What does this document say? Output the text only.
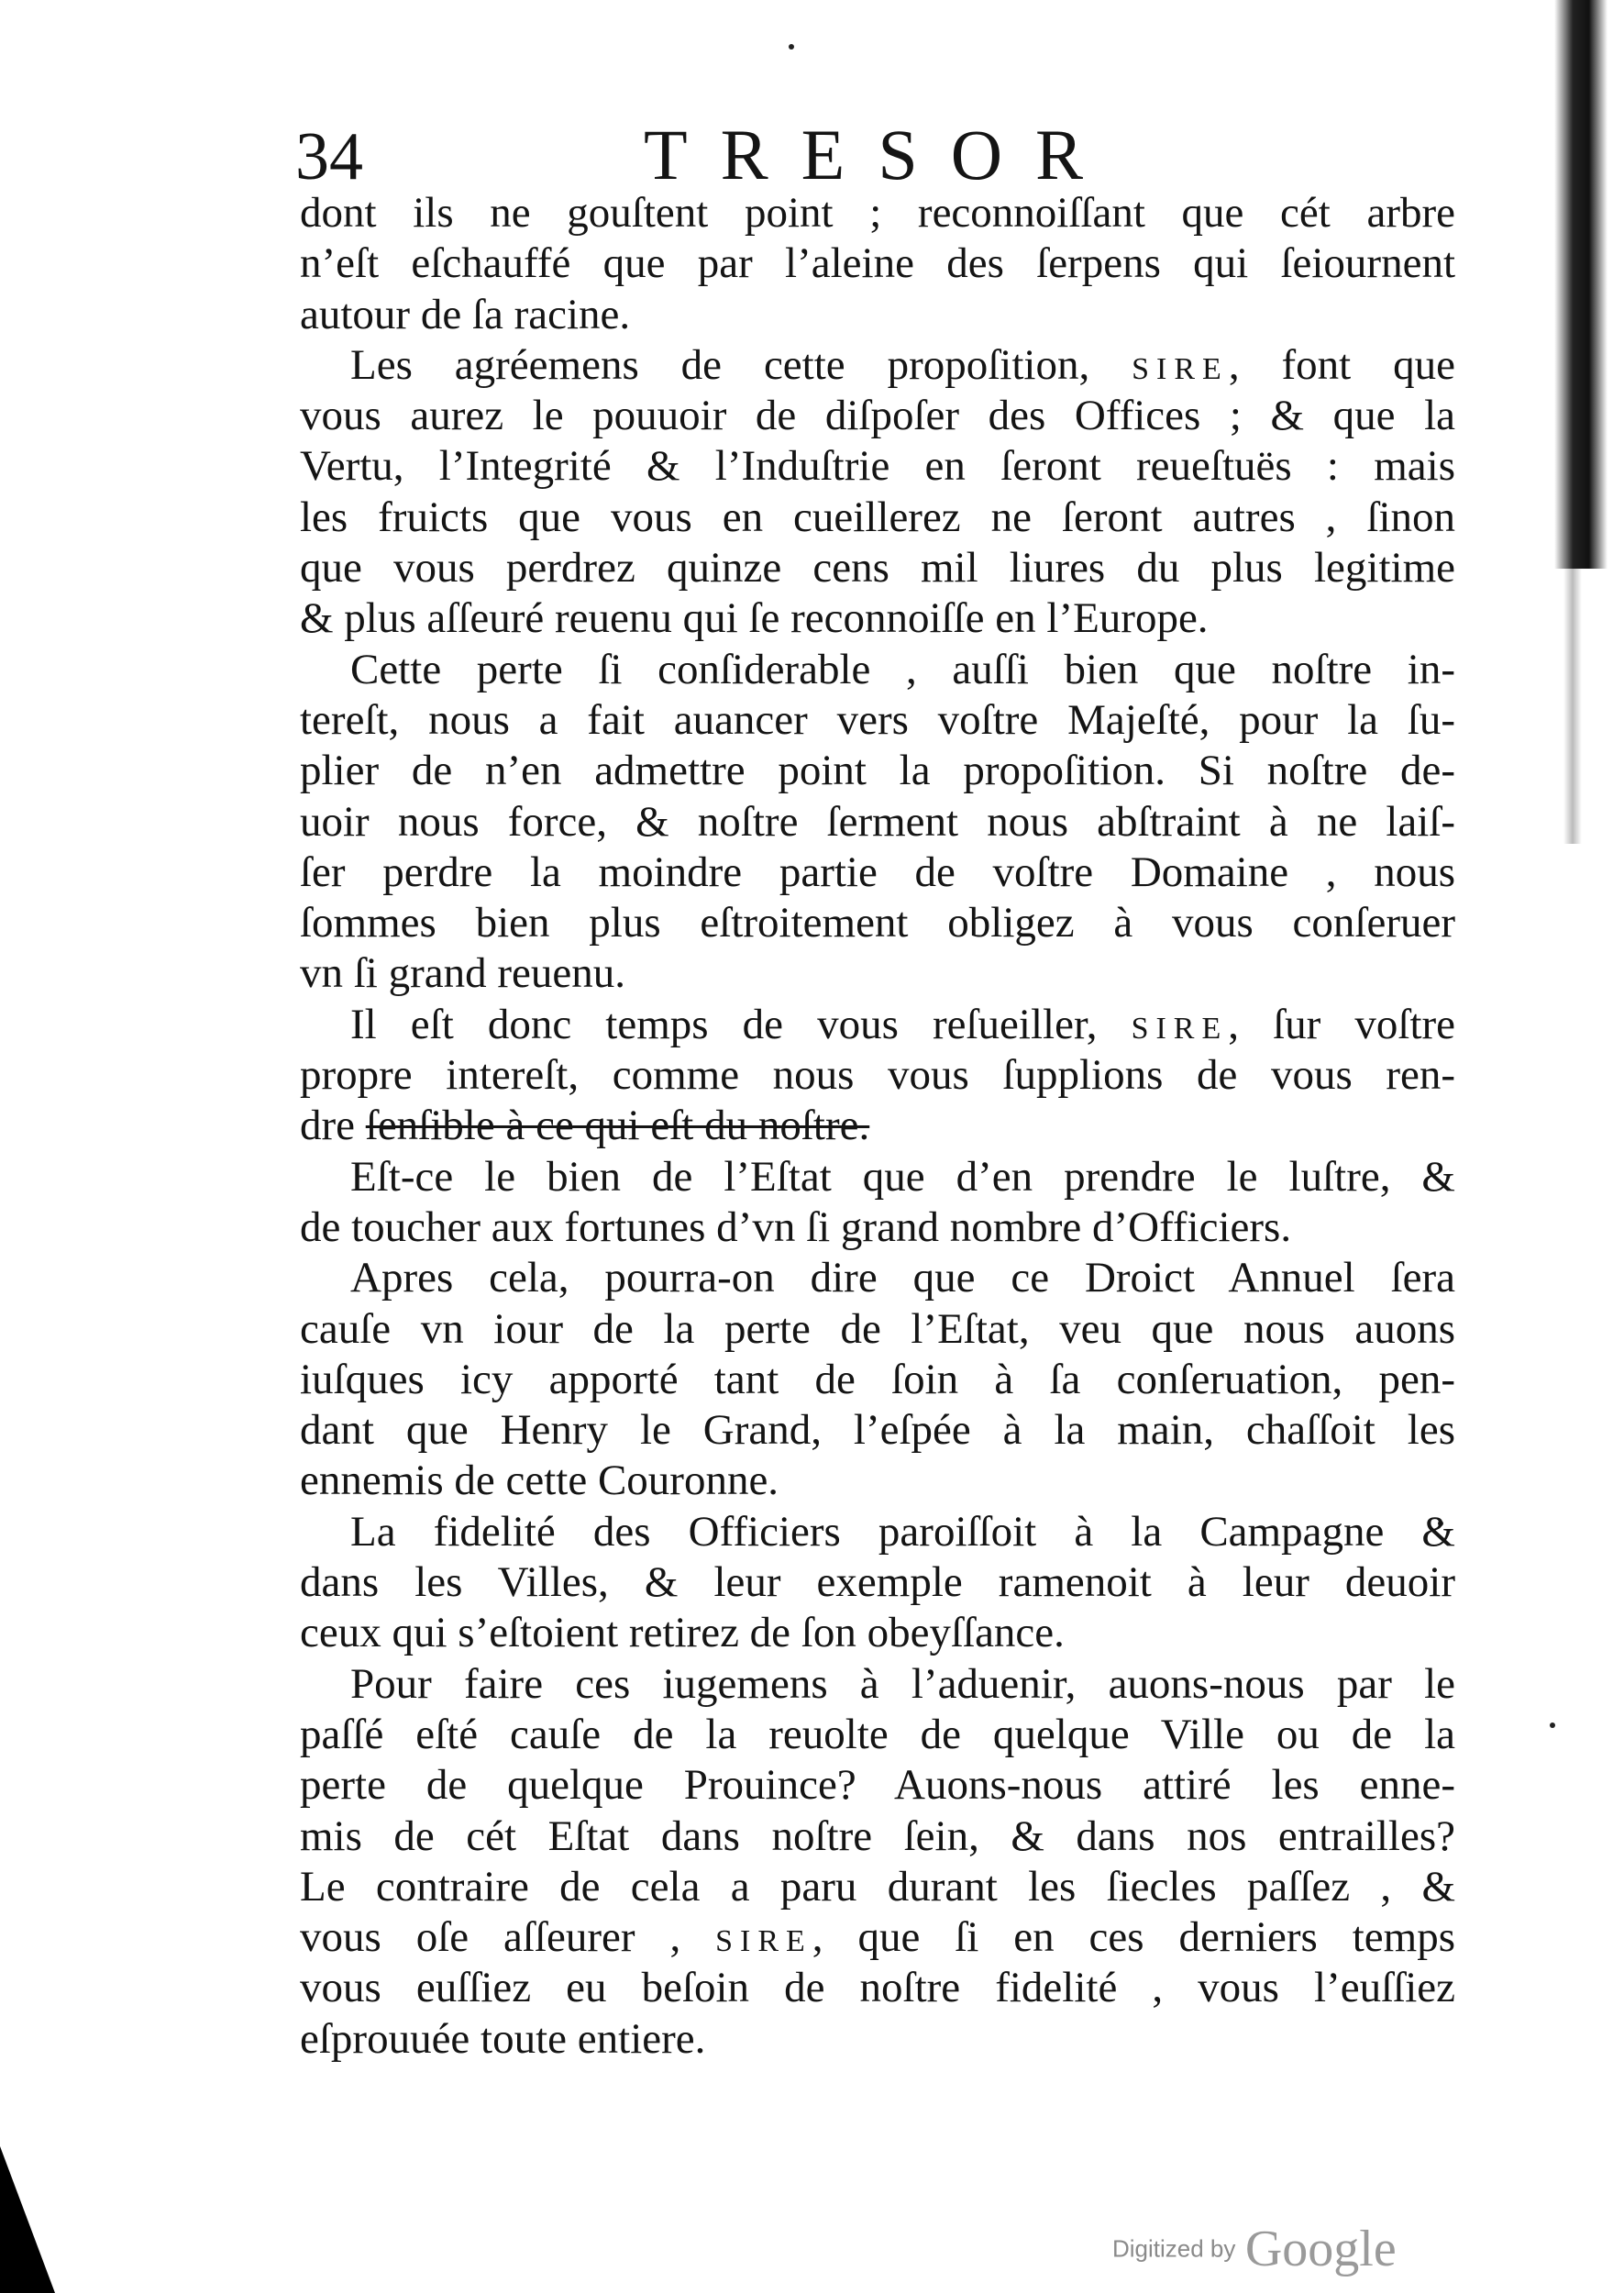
34	TRESOR
dont ils ne gouſtent point ; reconnoiſſant que cét arbre
n’eſt eſchauffé que par l’aleine des ſerpens qui ſeiournent
autour de ſa racine.
Les agréemens de cette propoſition, SIRE, font que
vous aurez le pouuoir de diſpoſer des Offices ; & que la
Vertu, l’Integrité & l’Induſtrie en ſeront reueſtuës : mais
les fruicts que vous en cueillerez ne ſeront autres , ſinon
que vous perdrez quinze cens mil liures du plus legitime
& plus aſſeuré reuenu qui ſe reconnoiſſe en l’Europe.
Cette perte ſi conſiderable , auſſi bien que noſtre in-
tereſt, nous a fait auancer vers voſtre Majeſté, pour la ſu-
plier de n’en admettre point la propoſition. Si noſtre de-
uoir nous force, & noſtre ſerment nous abſtraint à ne laiſ-
ſer perdre la moindre partie de voſtre Domaine , nous
ſommes bien plus eſtroitement obligez à vous conſeruer
vn ſi grand reuenu.
Il eſt donc temps de vous reſueiller, SIRE, ſur voſtre
propre intereſt, comme nous vous ſupplions de vous ren-
dre ſenſible à ce qui eſt du noſtre.
Eſt-ce le bien de l’Eſtat que d’en prendre le luſtre, &
de toucher aux fortunes d’vn ſi grand nombre d’Officiers.
Apres cela, pourra-on dire que ce Droict Annuel ſera
cauſe vn iour de la perte de l’Eſtat, veu que nous auons
iuſques icy apporté tant de ſoin à ſa conſeruation, pen-
dant que Henry le Grand, l’eſpée à la main, chaſſoit les
ennemis de cette Couronne.
La fidelité des Officiers paroiſſoit à la Campagne &
dans les Villes, & leur exemple ramenoit à leur deuoir
ceux qui s’eſtoient retirez de ſon obeyſſance.
Pour faire ces iugemens à l’aduenir, auons-nous par le
paſſé eſté cauſe de la reuolte de quelque Ville ou de la
perte de quelque Prouince? Auons-nous attiré les enne-
mis de cét Eſtat dans noſtre ſein, & dans nos entrailles?
Le contraire de cela a paru durant les ſiecles paſſez , &
vous oſe aſſeurer , SIRE, que ſi en ces derniers temps
vous euſſiez eu beſoin de noſtre fidelité , vous l’euſſiez
eſprouuée toute entiere.
Digitized by Google
